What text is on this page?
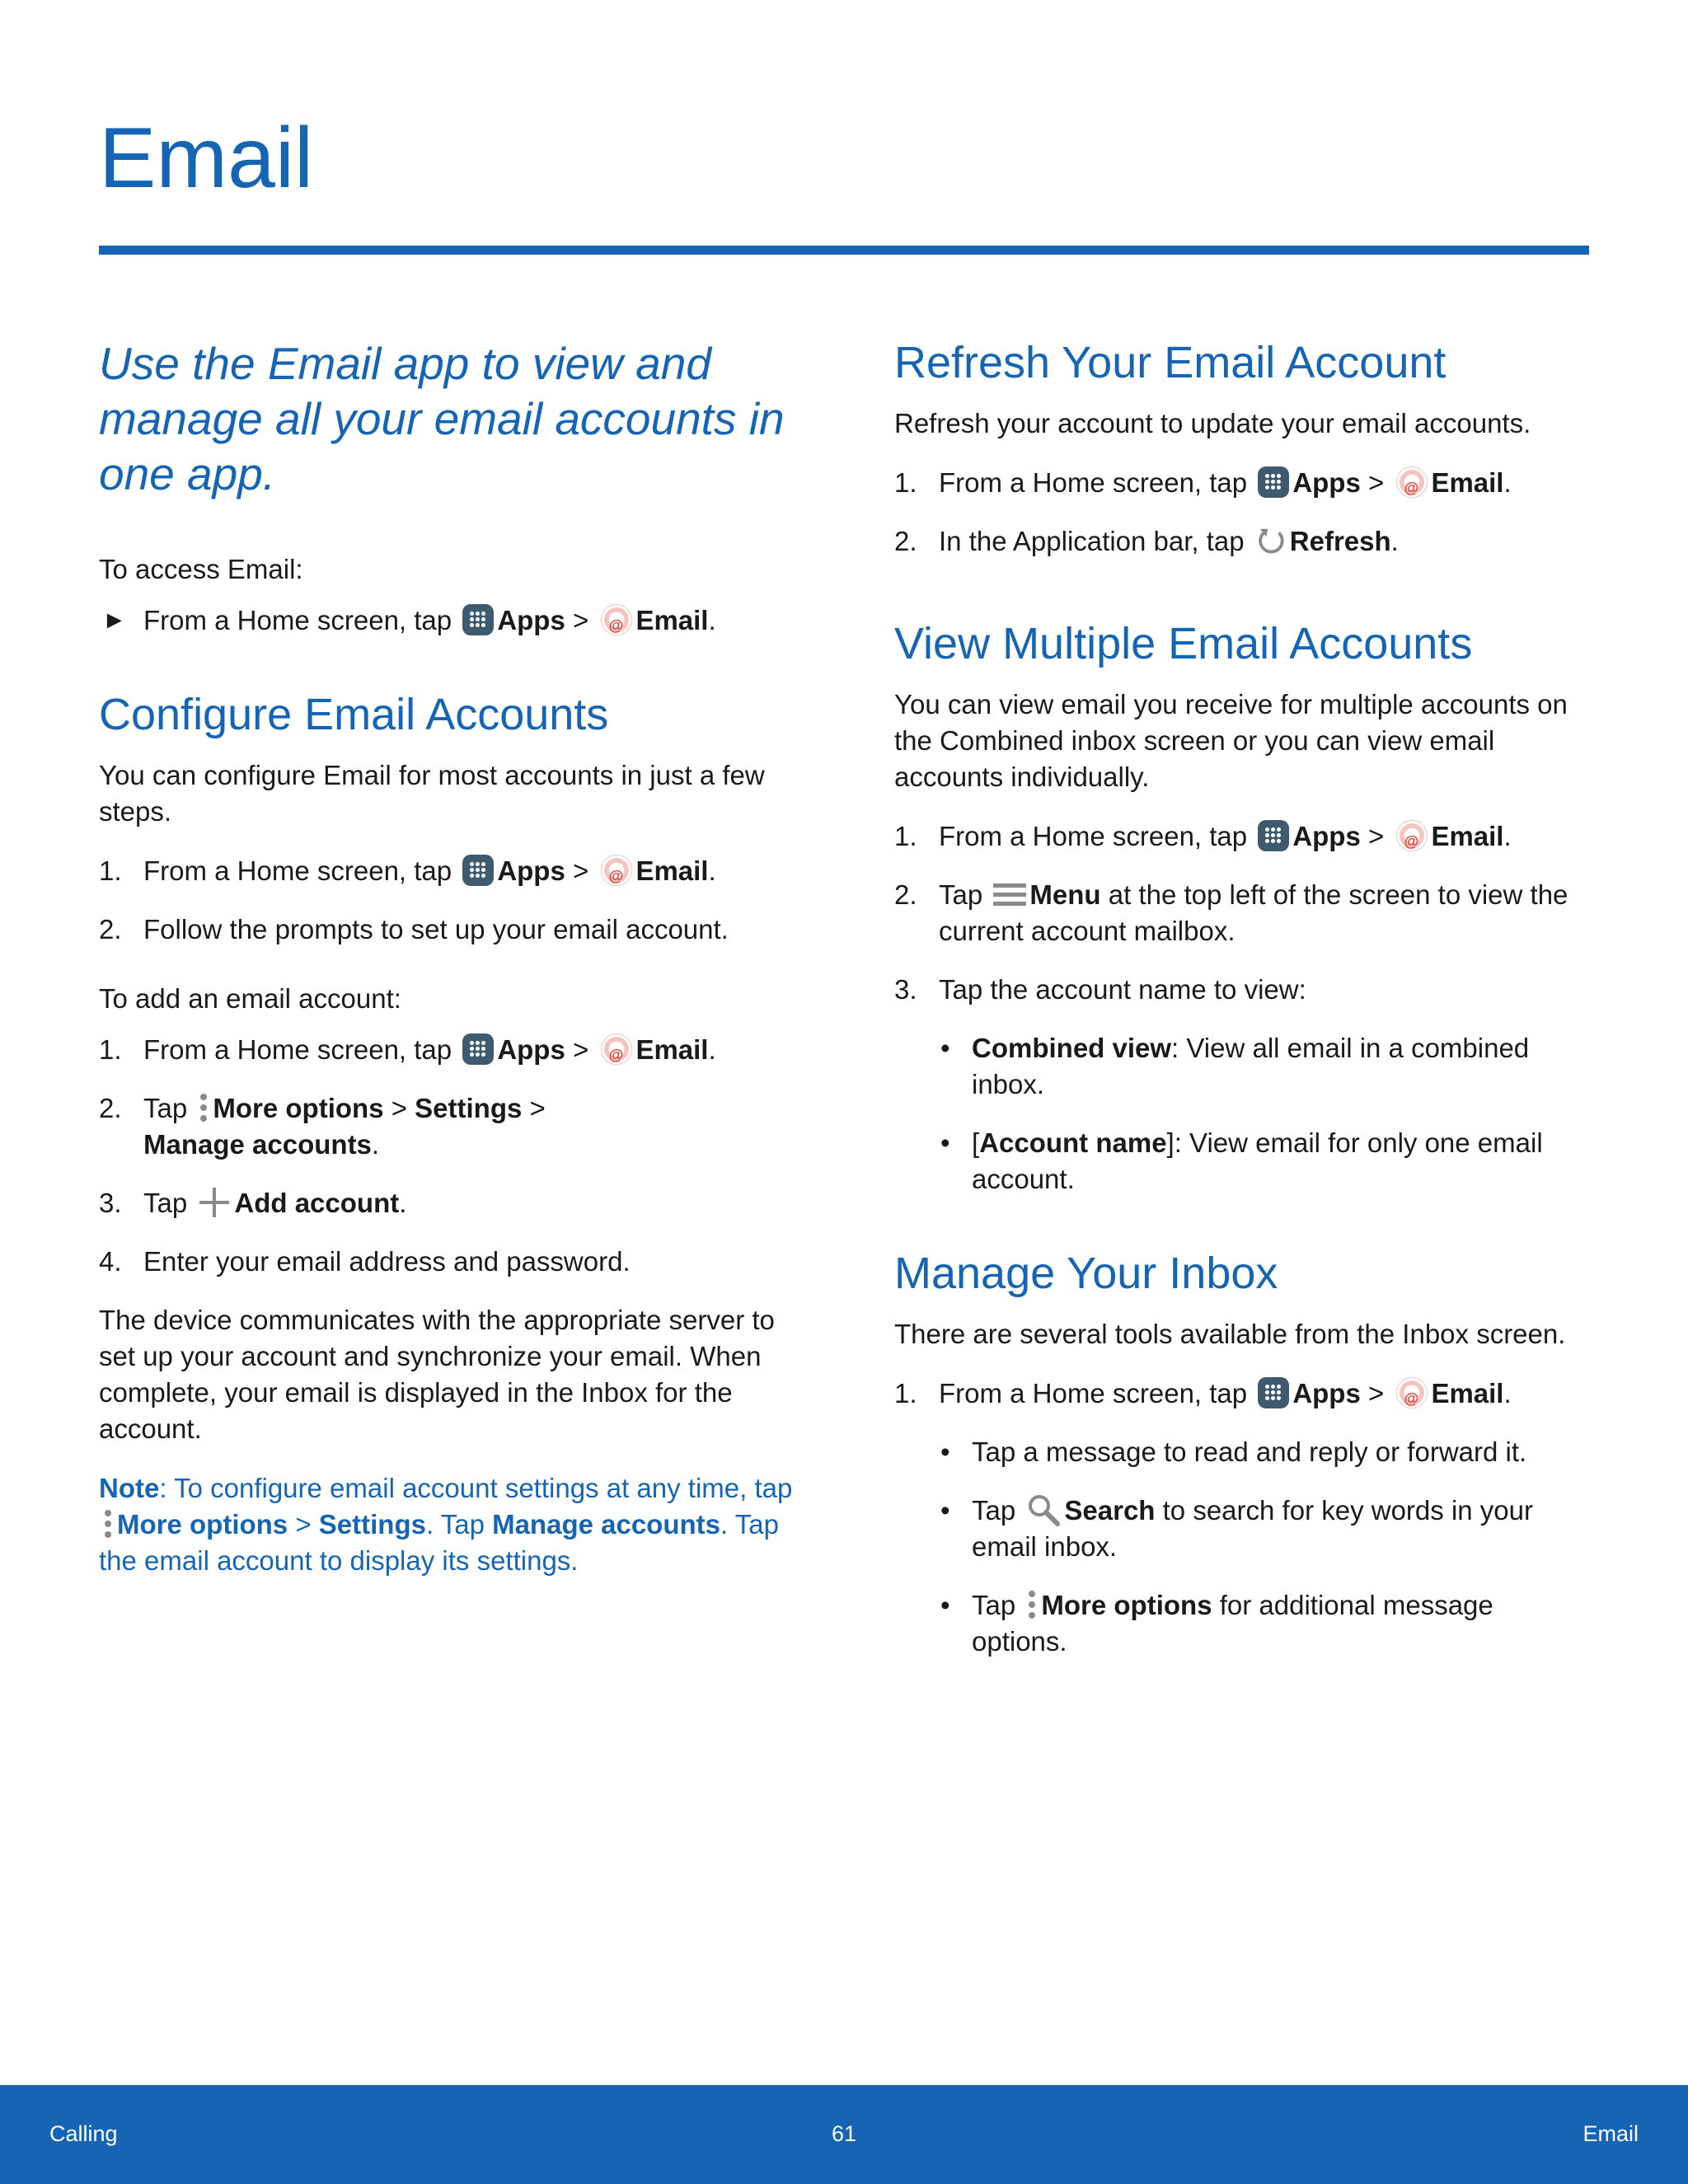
Email

Use the Email app to view and manage all your email accounts in one app.

To access Email:

► From a Home screen, tap Apps > @ Email.
Configure Email Accounts

You can configure Email for most accounts in just a few steps.

1. From a Home screen, tap Apps > @ Email.
2. Follow the prompts to set up your email account.

To add an email account:

1. From a Home screen, tap Apps > @ Email.
2. Tap More options > Settings >
Manage accounts.
3. Tap Add account.
4. Enter your email address and password.

The device communicates with the appropriate server to set up your account and synchronize your email. When complete, your email is displayed in the Inbox for the account.

Note: To configure email account settings at any time, tap More options > Settings. Tap Manage accounts. Tap the email account to display its settings.

Refresh Your Email Account

Refresh your account to update your email accounts.

1. From a Home screen, tap Apps > @ Email.
2. In the Application bar, tap Refresh.
View Multiple Email Accounts

You can view email you receive for multiple accounts on the Combined inbox screen or you can view email accounts individually.

1. From a Home screen, tap Apps > @ Email.
2. Tap Menu at the top left of the screen to view the current account mailbox.
3. Tap the account name to view:
• Combined view: View all email in a combined inbox.
• [Account name]: View email for only one email account.
Manage Your Inbox

There are several tools available from the Inbox screen.

1. From a Home screen, tap Apps > @ Email.
• Tap a message to read and reply or forward it.
• Tap Search to search for key words in your email inbox.
• Tap More options for additional message options.
Calling	61	Email
